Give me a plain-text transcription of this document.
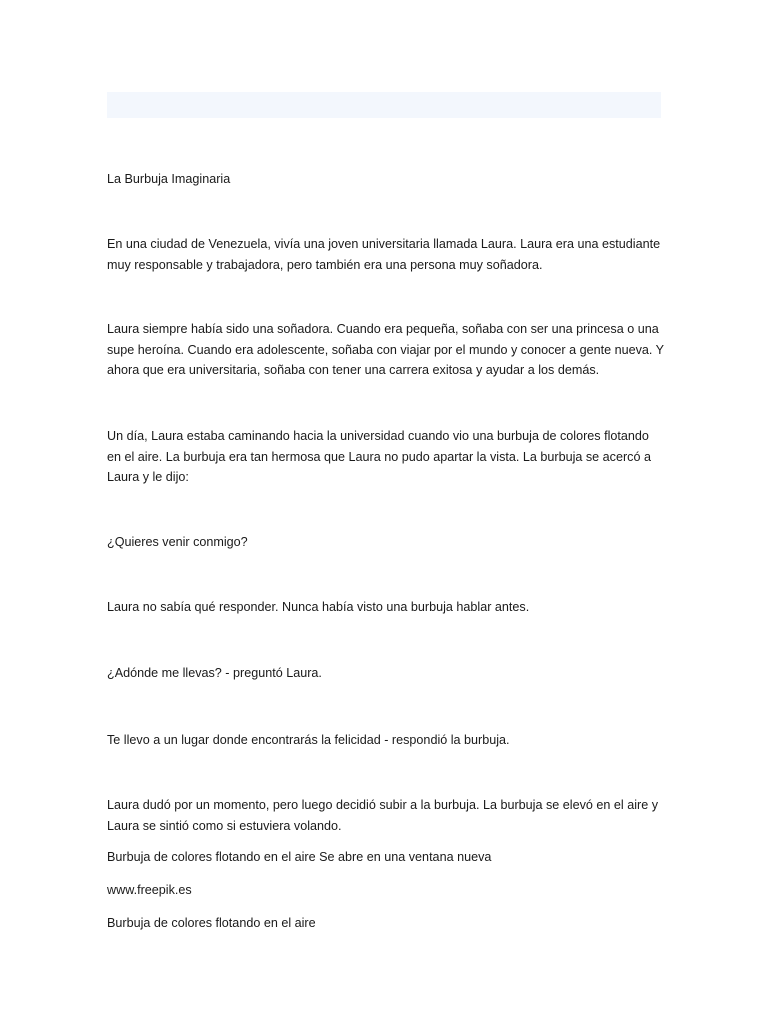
La Burbuja Imaginaria

En una ciudad de Venezuela, vivía una joven universitaria llamada Laura. Laura era una estudiante
muy responsable y trabajadora, pero también era una persona muy soñadora.

Laura siempre había sido una soñadora. Cuando era pequeña, soñaba con ser una princesa o una
supe heroína. Cuando era adolescente, soñaba con viajar por el mundo y conocer a gente nueva. Y
ahora que era universitaria, soñaba con tener una carrera exitosa y ayudar a los demás.

Un día, Laura estaba caminando hacia la universidad cuando vio una burbuja de colores flotando
en el aire. La burbuja era tan hermosa que Laura no pudo apartar la vista. La burbuja se acercó a
Laura y le dijo:

¿Quieres venir conmigo?

Laura no sabía qué responder. Nunca había visto una burbuja hablar antes.

¿Adónde me llevas? - preguntó Laura.

Te llevo a un lugar donde encontrarás la felicidad - respondió la burbuja.

Laura dudó por un momento, pero luego decidió subir a la burbuja. La burbuja se elevó en el aire y
Laura se sintió como si estuviera volando.

Burbuja de colores flotando en el aire Se abre en una ventana nueva

www.freepik.es

Burbuja de colores flotando en el aire
